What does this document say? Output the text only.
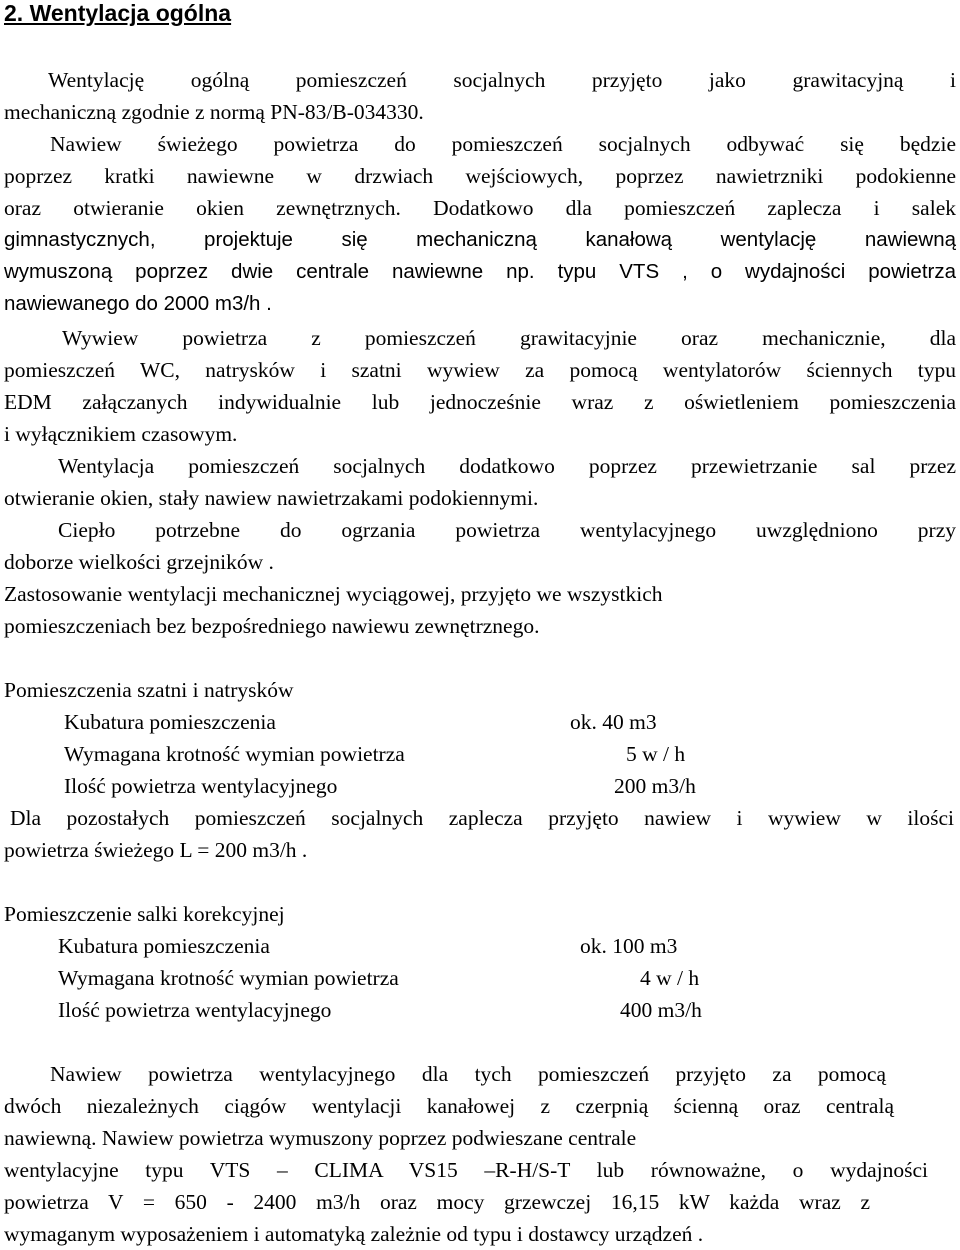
2. Wentylacja ogólna
Wentylację ogólną pomieszczeń socjalnych przyjęto jako grawitacyjną i
mechaniczną zgodnie z normą PN-83/B-034330.
Nawiew świeżego powietrza do pomieszczeń socjalnych odbywać się będzie
poprzez kratki nawiewne w drzwiach wejściowych, poprzez nawietrzniki podokienne
oraz otwieranie okien zewnętrznych. Dodatkowo dla pomieszczeń zaplecza i salek
gimnastycznych, projektuje się mechaniczną kanałową wentylację nawiewną
wymuszoną poprzez dwie centrale nawiewne np. typu VTS , o wydajności powietrza
nawiewanego do 2000 m3/h .
Wywiew powietrza z pomieszczeń grawitacyjnie oraz mechanicznie, dla
pomieszczeń WC, natrysków i szatni wywiew za pomocą wentylatorów ściennych typu
EDM załączanych indywidualnie lub jednocześnie wraz z oświetleniem pomieszczenia
i wyłącznikiem czasowym.
Wentylacja pomieszczeń socjalnych dodatkowo poprzez przewietrzanie sal przez
otwieranie okien, stały nawiew nawietrzakami podokiennymi.
Ciepło potrzebne do ogrzania powietrza wentylacyjnego uwzględniono przy
doborze wielkości grzejników .
Zastosowanie wentylacji mechanicznej wyciągowej, przyjęto we wszystkich
pomieszczeniach bez bezpośredniego nawiewu zewnętrznego.
Pomieszczenia szatni i natrysków
Kubatura pomieszczenia	ok. 40 m3
Wymagana krotność wymian powietrza	5 w / h
Ilość powietrza wentylacyjnego	200 m3/h
Dla pozostałych pomieszczeń socjalnych zaplecza przyjęto nawiew i wywiew w ilości
powietrza świeżego L = 200 m3/h .
Pomieszczenie salki korekcyjnej
Kubatura pomieszczenia	ok. 100 m3
Wymagana krotność wymian powietrza	4 w / h
Ilość powietrza wentylacyjnego	400 m3/h
Nawiew powietrza wentylacyjnego dla tych pomieszczeń przyjęto za pomocą
dwóch niezależnych ciągów wentylacji kanałowej z czerpnią ścienną oraz centralą
nawiewną. Nawiew powietrza wymuszony poprzez podwieszane centrale
wentylacyjne typu VTS – CLIMA VS15 –R-H/S-T lub równoważne, o wydajności
powietrza V = 650 - 2400 m3/h oraz mocy grzewczej 16,15 kW każda wraz z
wymaganym wyposażeniem i automatyką zależnie od typu i dostawcy urządzeń .
